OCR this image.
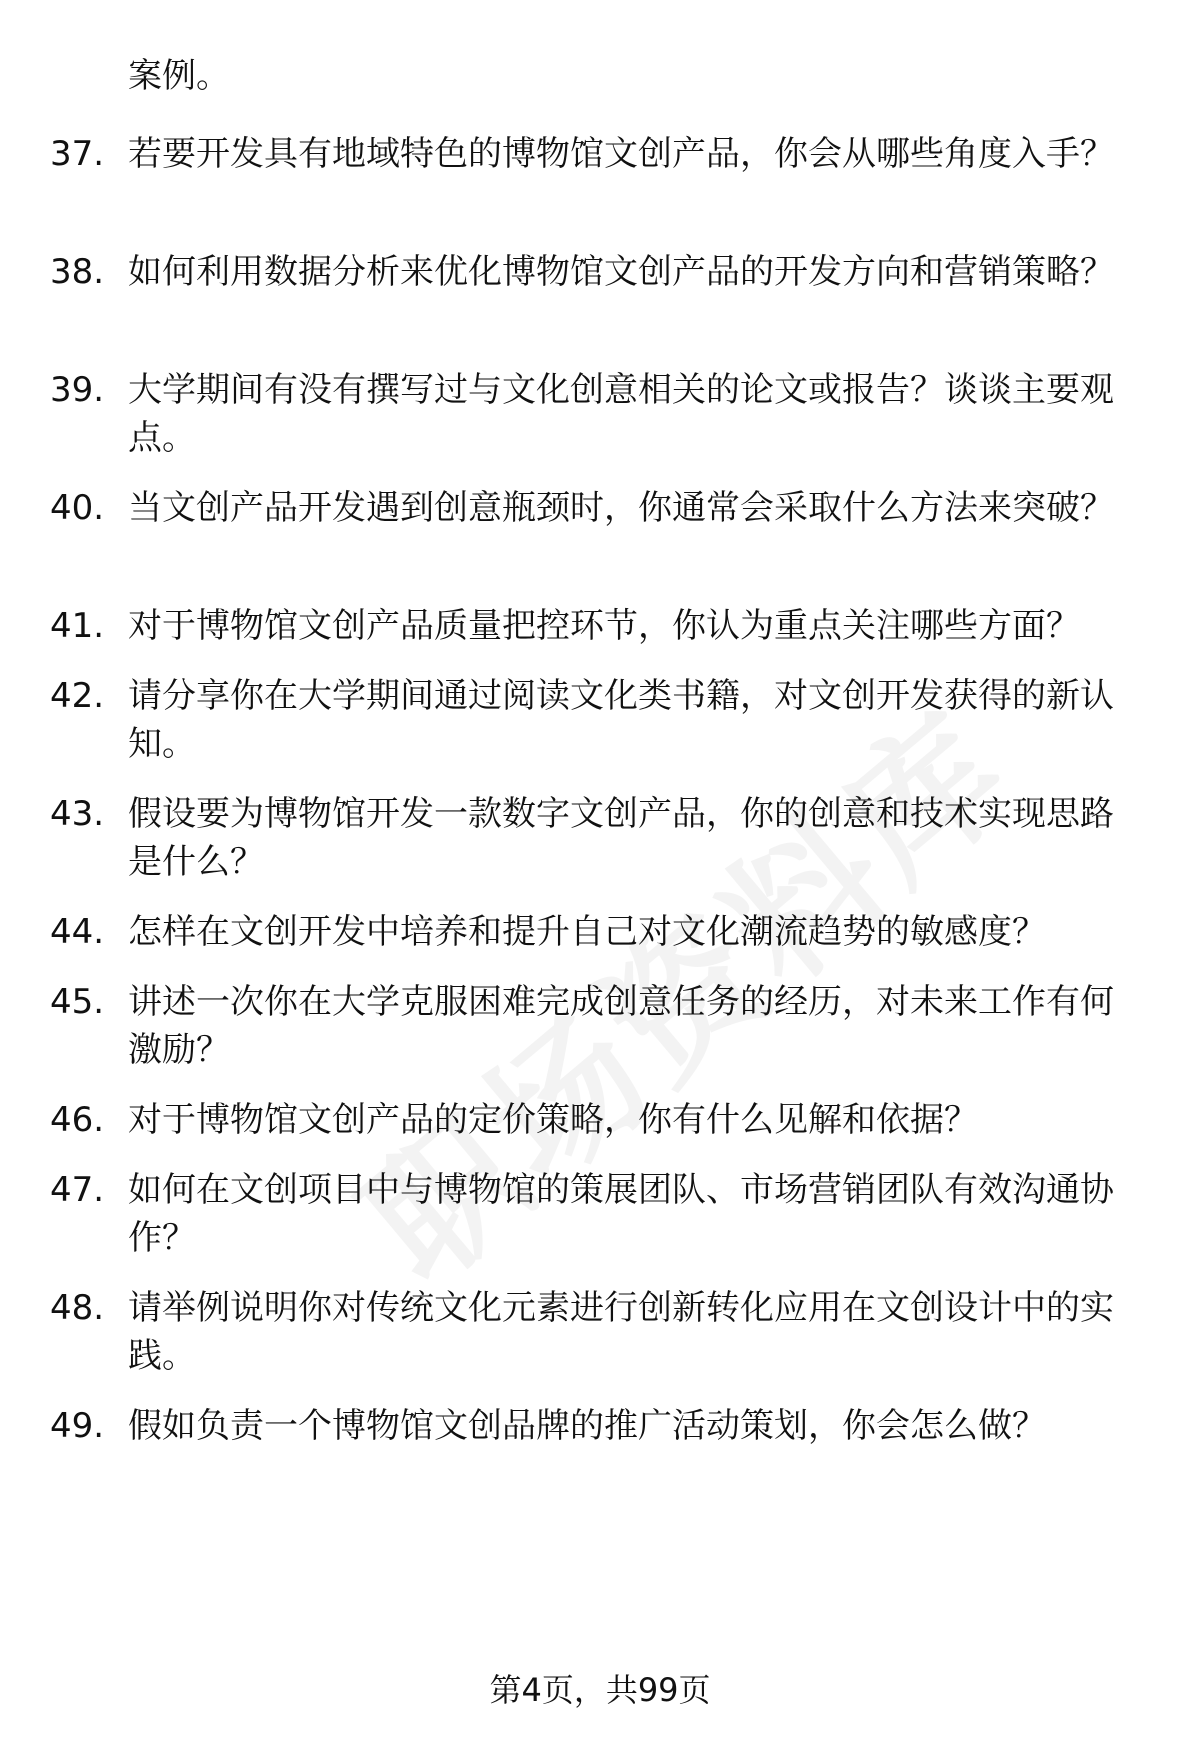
案例。
37. 若要开发具有地域特色的博物馆文创产品，你会从哪些角度入手？
38. 如何利用数据分析来优化博物馆文创产品的开发方向和营销策略？
39. 大学期间有没有撰写过与文化创意相关的论文或报告？谈谈主要观点。
40. 当文创产品开发遇到创意瓶颈时，你通常会采取什么方法来突破？
41. 对于博物馆文创产品质量把控环节，你认为重点关注哪些方面？
42. 请分享你在大学期间通过阅读文化类书籍，对文创开发获得的新认知。
43. 假设要为博物馆开发一款数字文创产品，你的创意和技术实现思路是什么？
44. 怎样在文创开发中培养和提升自己对文化潮流趋势的敏感度？
45. 讲述一次你在大学克服困难完成创意任务的经历，对未来工作有何激励？
46. 对于博物馆文创产品的定价策略，你有什么见解和依据？
47. 如何在文创项目中与博物馆的策展团队、市场营销团队有效沟通协作？
48. 请举例说明你对传统文化元素进行创新转化应用在文创设计中的实践。
49. 假如负责一个博物馆文创品牌的推广活动策划，你会怎么做？
第4页，共99页
